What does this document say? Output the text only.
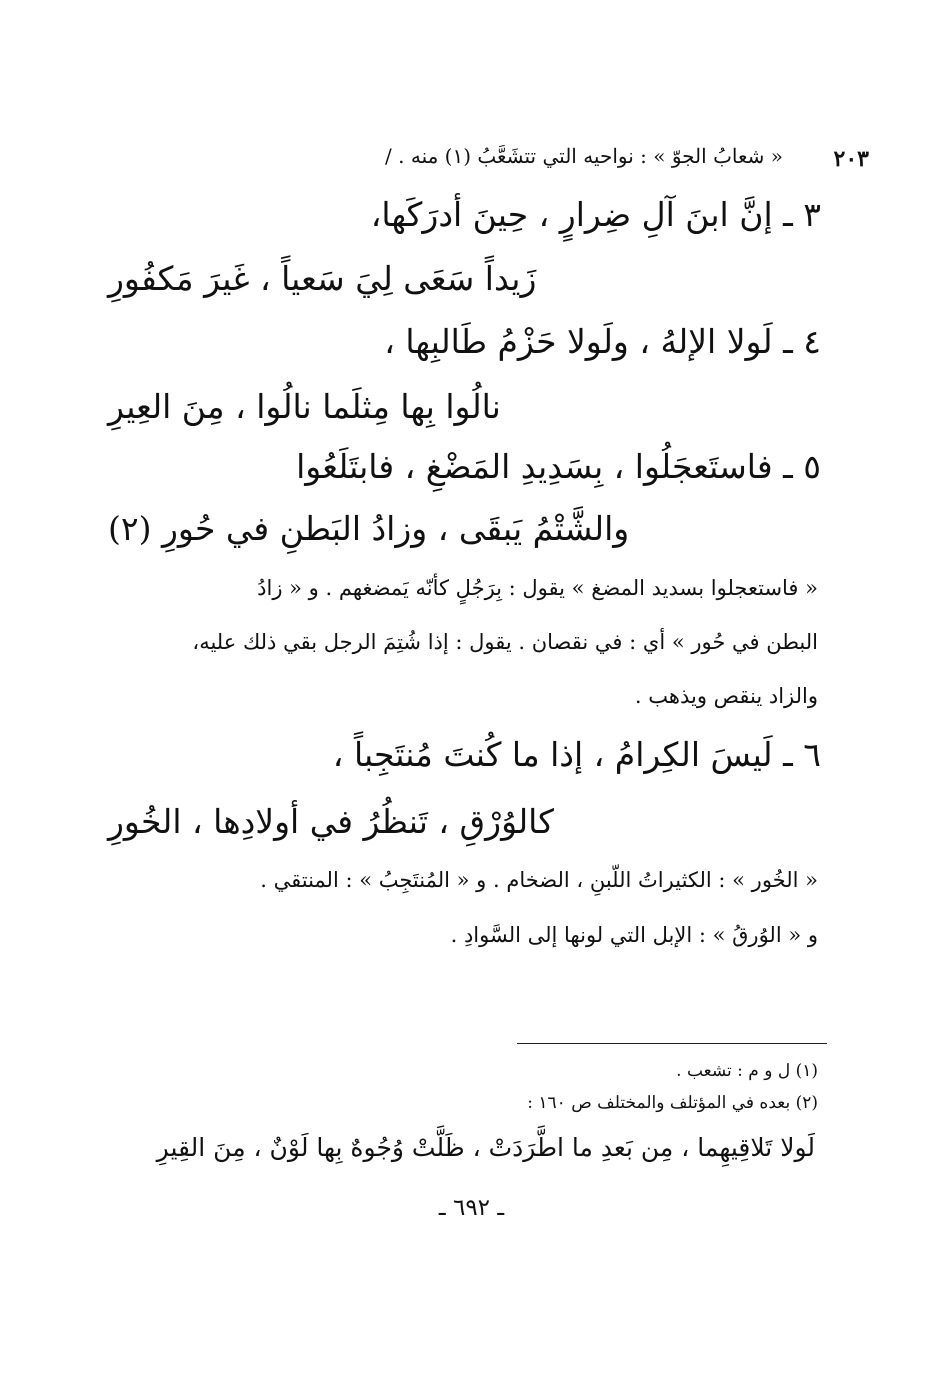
٢٠٣
« شعابُ الجوّ » : نواحيه التي تتشَعَّبُ (١) منه . /
٣ ـ إنَّ ابنَ آلِ ضِرارٍ ، حِينَ أدرَكَها،
زَيداً سَعَى لِيَ سَعياً ، غَيرَ مَكفُورِ
٤ ـ لَولا الإلهُ ، ولَولا حَزْمُ طَالبِها ،
نالُوا بِها مِثلَما نالُوا ، مِنَ العِيرِ
٥ ـ فاستَعجَلُوا ، بِسَدِيدِ المَضْغِ ، فابتَلَعُوا
والشَّتْمُ يَبقَى ، وزادُ البَطنِ في حُورِ (٢)
« فاستعجلوا بسديد المضغ » يقول : بِرَجُلٍ كأنّه يَمضغهم . و « زادُ
البطن في حُور » أي : في نقصان . يقول : إذا شُتِمَ الرجل بقي ذلك عليه،
والزاد ينقص ويذهب .
٦ ـ لَيسَ الكِرامُ ، إذا ما كُنتَ مُنتَجِباً ،
كالوُرْقِ ، تَنظُرُ في أولادِها ، الخُورِ
« الخُور » : الكثيراتُ اللّبنِ ، الضخام . و « المُنتَجِبُ » : المنتقي .
و « الوُرقُ » : الإبل التي لونها إلى السَّوادِ .
(١) ل و م : تشعب .
(٢) بعده في المؤتلف والمختلف ص ١٦٠ :
لَولا تَلاقِيهِما ، مِن بَعدِ ما اطَّرَدَتْ ، ظَلَّتْ وُجُوهٌ بِها لَوْنٌ ، مِنَ القِيرِ
ـ ٦٩٢ ـ
